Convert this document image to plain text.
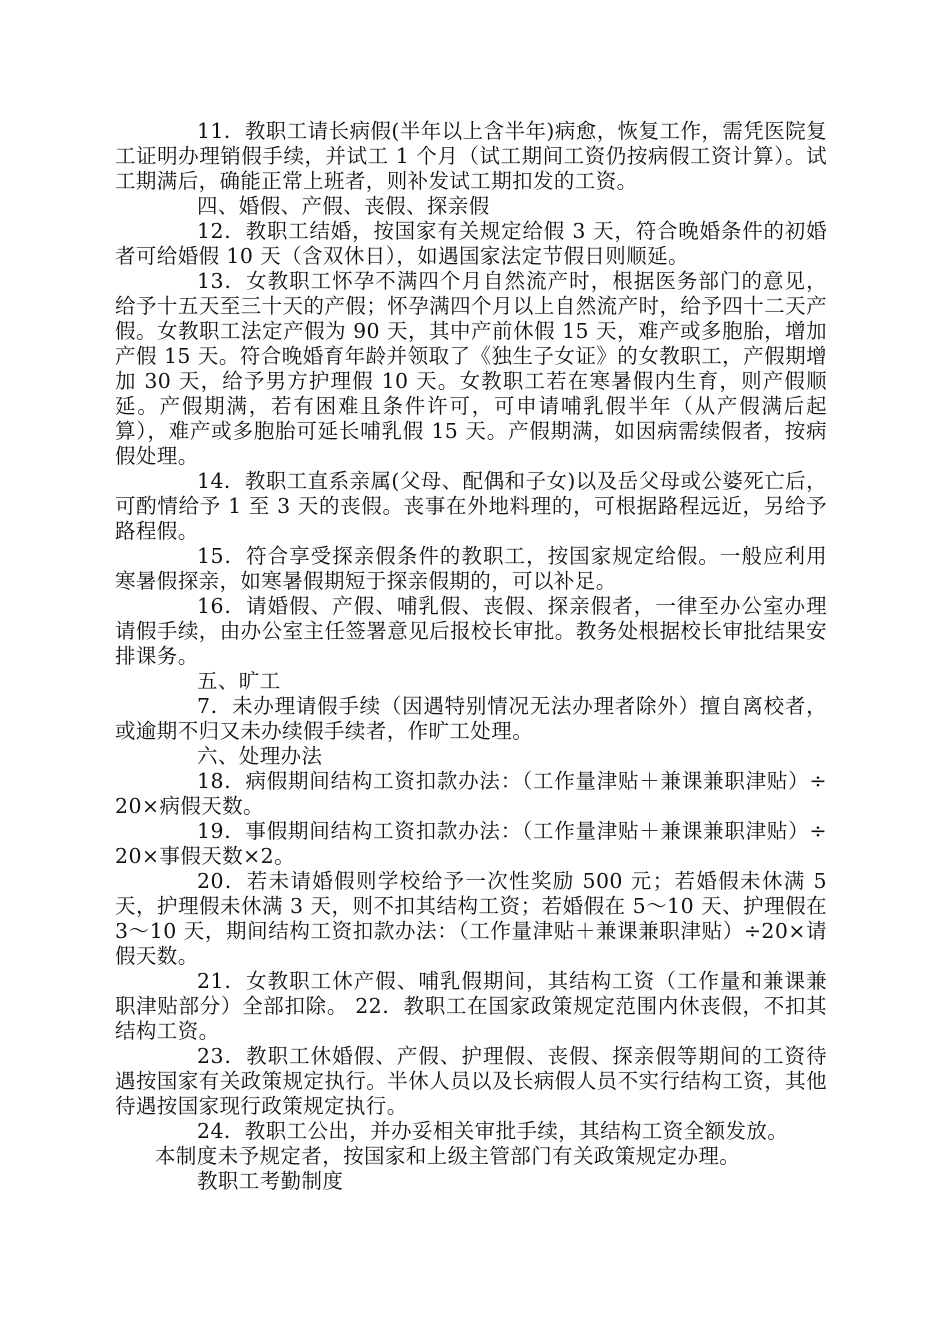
11．教职工请长病假(半年以上含半年)病愈，恢复工作，需凭医院复工证明办理销假手续，并试工 1 个月（试工期间工资仍按病假工资计算）。试工期满后，确能正常上班者，则补发试工期扣发的工资。

四、婚假、产假、丧假、探亲假

12．教职工结婚，按国家有关规定给假 3 天，符合晚婚条件的初婚者可给婚假 10 天（含双休日），如遇国家法定节假日则顺延。

13．女教职工怀孕不满四个月自然流产时，根据医务部门的意见，给予十五天至三十天的产假；怀孕满四个月以上自然流产时，给予四十二天产假。女教职工法定产假为 90 天，其中产前休假 15 天，难产或多胞胎，增加产假 15 天。符合晚婚育年龄并领取了《独生子女证》的女教职工，产假期增加 30 天，给予男方护理假 10 天。女教职工若在寒暑假内生育，则产假顺延。产假期满，若有困难且条件许可，可申请哺乳假半年（从产假满后起算），难产或多胞胎可延长哺乳假 15 天。产假期满，如因病需续假者，按病假处理。

14．教职工直系亲属(父母、配偶和子女)以及岳父母或公婆死亡后，可酌情给予 1 至 3 天的丧假。丧事在外地料理的，可根据路程远近，另给予路程假。

15．符合享受探亲假条件的教职工，按国家规定给假。一般应利用寒暑假探亲，如寒暑假期短于探亲假期的，可以补足。

16．请婚假、产假、哺乳假、丧假、探亲假者，一律至办公室办理请假手续，由办公室主任签署意见后报校长审批。教务处根据校长审批结果安排课务。

五、旷工

7．未办理请假手续（因遇特别情况无法办理者除外）擅自离校者，或逾期不归又未办续假手续者，作旷工处理。

六、处理办法

18．病假期间结构工资扣款办法：（工作量津贴＋兼课兼职津贴）÷20×病假天数。

19．事假期间结构工资扣款办法：（工作量津贴＋兼课兼职津贴）÷20×事假天数×2。

20．若未请婚假则学校给予一次性奖励 500 元；若婚假未休满 5 天，护理假未休满 3 天，则不扣其结构工资；若婚假在 5～10 天、护理假在 3～10 天，期间结构工资扣款办法：（工作量津贴＋兼课兼职津贴）÷20×请假天数。

21．女教职工休产假、哺乳假期间，其结构工资（工作量和兼课兼职津贴部分）全部扣除。 22．教职工在国家政策规定范围内休丧假，不扣其结构工资。

23．教职工休婚假、产假、护理假、丧假、探亲假等期间的工资待遇按国家有关政策规定执行。半休人员以及长病假人员不实行结构工资，其他待遇按国家现行政策规定执行。

24．教职工公出，并办妥相关审批手续，其结构工资全额发放。

本制度未予规定者，按国家和上级主管部门有关政策规定办理。

教职工考勤制度
